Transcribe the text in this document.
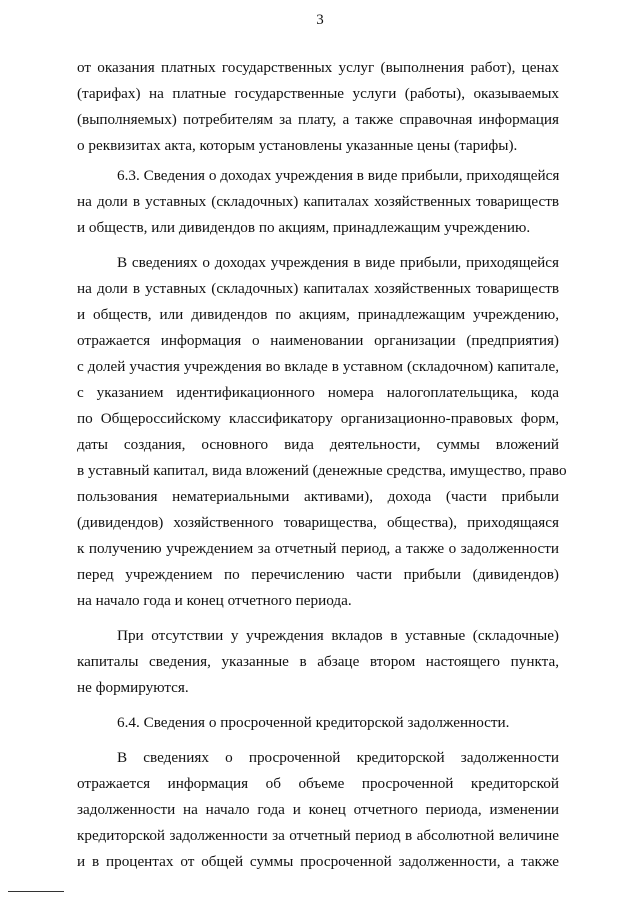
3
от оказания платных государственных услуг (выполнения работ), ценах
(тарифах) на платные государственные услуги (работы), оказываемых
(выполняемых) потребителям за плату, а также справочная информация
о реквизитах акта, которым установлены указанные цены (тарифы).
6.3. Сведения о доходах учреждения в виде прибыли, приходящейся
на доли в уставных (складочных) капиталах хозяйственных товариществ
и обществ, или дивидендов по акциям, принадлежащим учреждению.
В сведениях о доходах учреждения в виде прибыли, приходящейся
на доли в уставных (складочных) капиталах хозяйственных товариществ
и обществ, или дивидендов по акциям, принадлежащим учреждению,
отражается информация о наименовании организации (предприятия)
с долей участия учреждения во вкладе в уставном (складочном) капитале,
с указанием идентификационного номера налогоплательщика, кода
по Общероссийскому классификатору организационно-правовых форм,
даты создания, основного вида деятельности, суммы вложений
в уставный капитал, вида вложений (денежные средства, имущество, право
пользования нематериальными активами), дохода (части прибыли
(дивидендов) хозяйственного товарищества, общества), приходящаяся
к получению учреждением за отчетный период, а также о задолженности
перед учреждением по перечислению части прибыли (дивидендов)
на начало года и конец отчетного периода.
При отсутствии у учреждения вкладов в уставные (складочные)
капиталы сведения, указанные в абзаце втором настоящего пункта,
не формируются.
6.4. Сведения о просроченной кредиторской задолженности.
В сведениях о просроченной кредиторской задолженности
отражается информация об объеме просроченной кредиторской
задолженности на начало года и конец отчетного периода, изменении
кредиторской задолженности за отчетный период в абсолютной величине
и в процентах от общей суммы просроченной задолженности, а также
